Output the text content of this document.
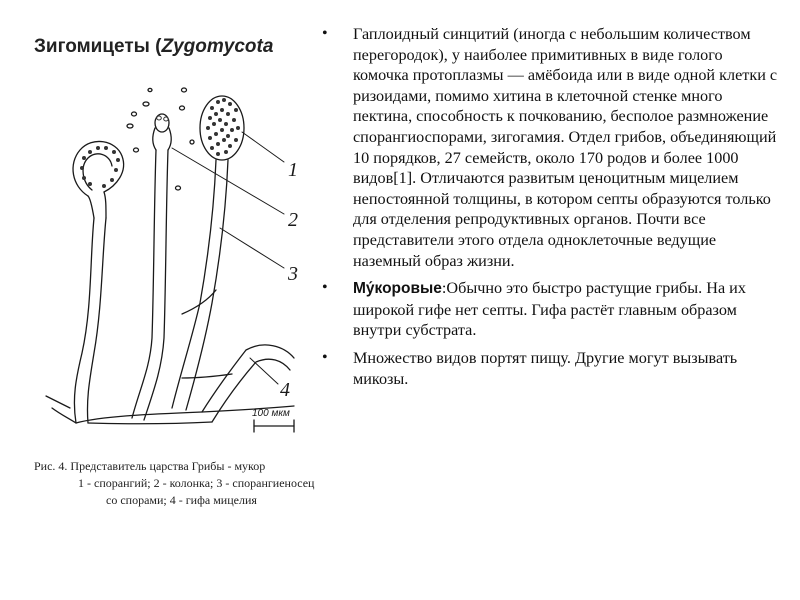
Зигомицеты (Zygomycota
1
2
3
4
100 мкм
Рис. 4. Представитель царства Грибы - мукор
1 - спорангий; 2 - колонка; 3 - спорангиеносец
со спорами; 4 - гифа мицелия
• Гаплоидный синцитий (иногда с небольшим количеством перегородок), у наиболее примитивных в виде голого комочка протоплазмы — амёбоида или в виде одной клетки с ризоидами, помимо хитина в клеточной стенке много пектина, способность к почкованию, бесполое размножение спорангиоспорами, зигогамия. Отдел грибов, объединяющий 10 порядков, 27 семейств, около 170 родов и более 1000 видов[1]. Отличаются развитым ценоцитным мицелием непостоянной толщины, в котором септы образуются только для отделения репродуктивных органов. Почти все представители этого отдела одноклеточные ведущие наземный образ жизни.
• Му́коровые:Обычно это быстро растущие грибы. На их широкой гифе нет септы. Гифа растёт главным образом внутри субстрата.
• Множество видов портят пищу. Другие могут вызывать микозы.
